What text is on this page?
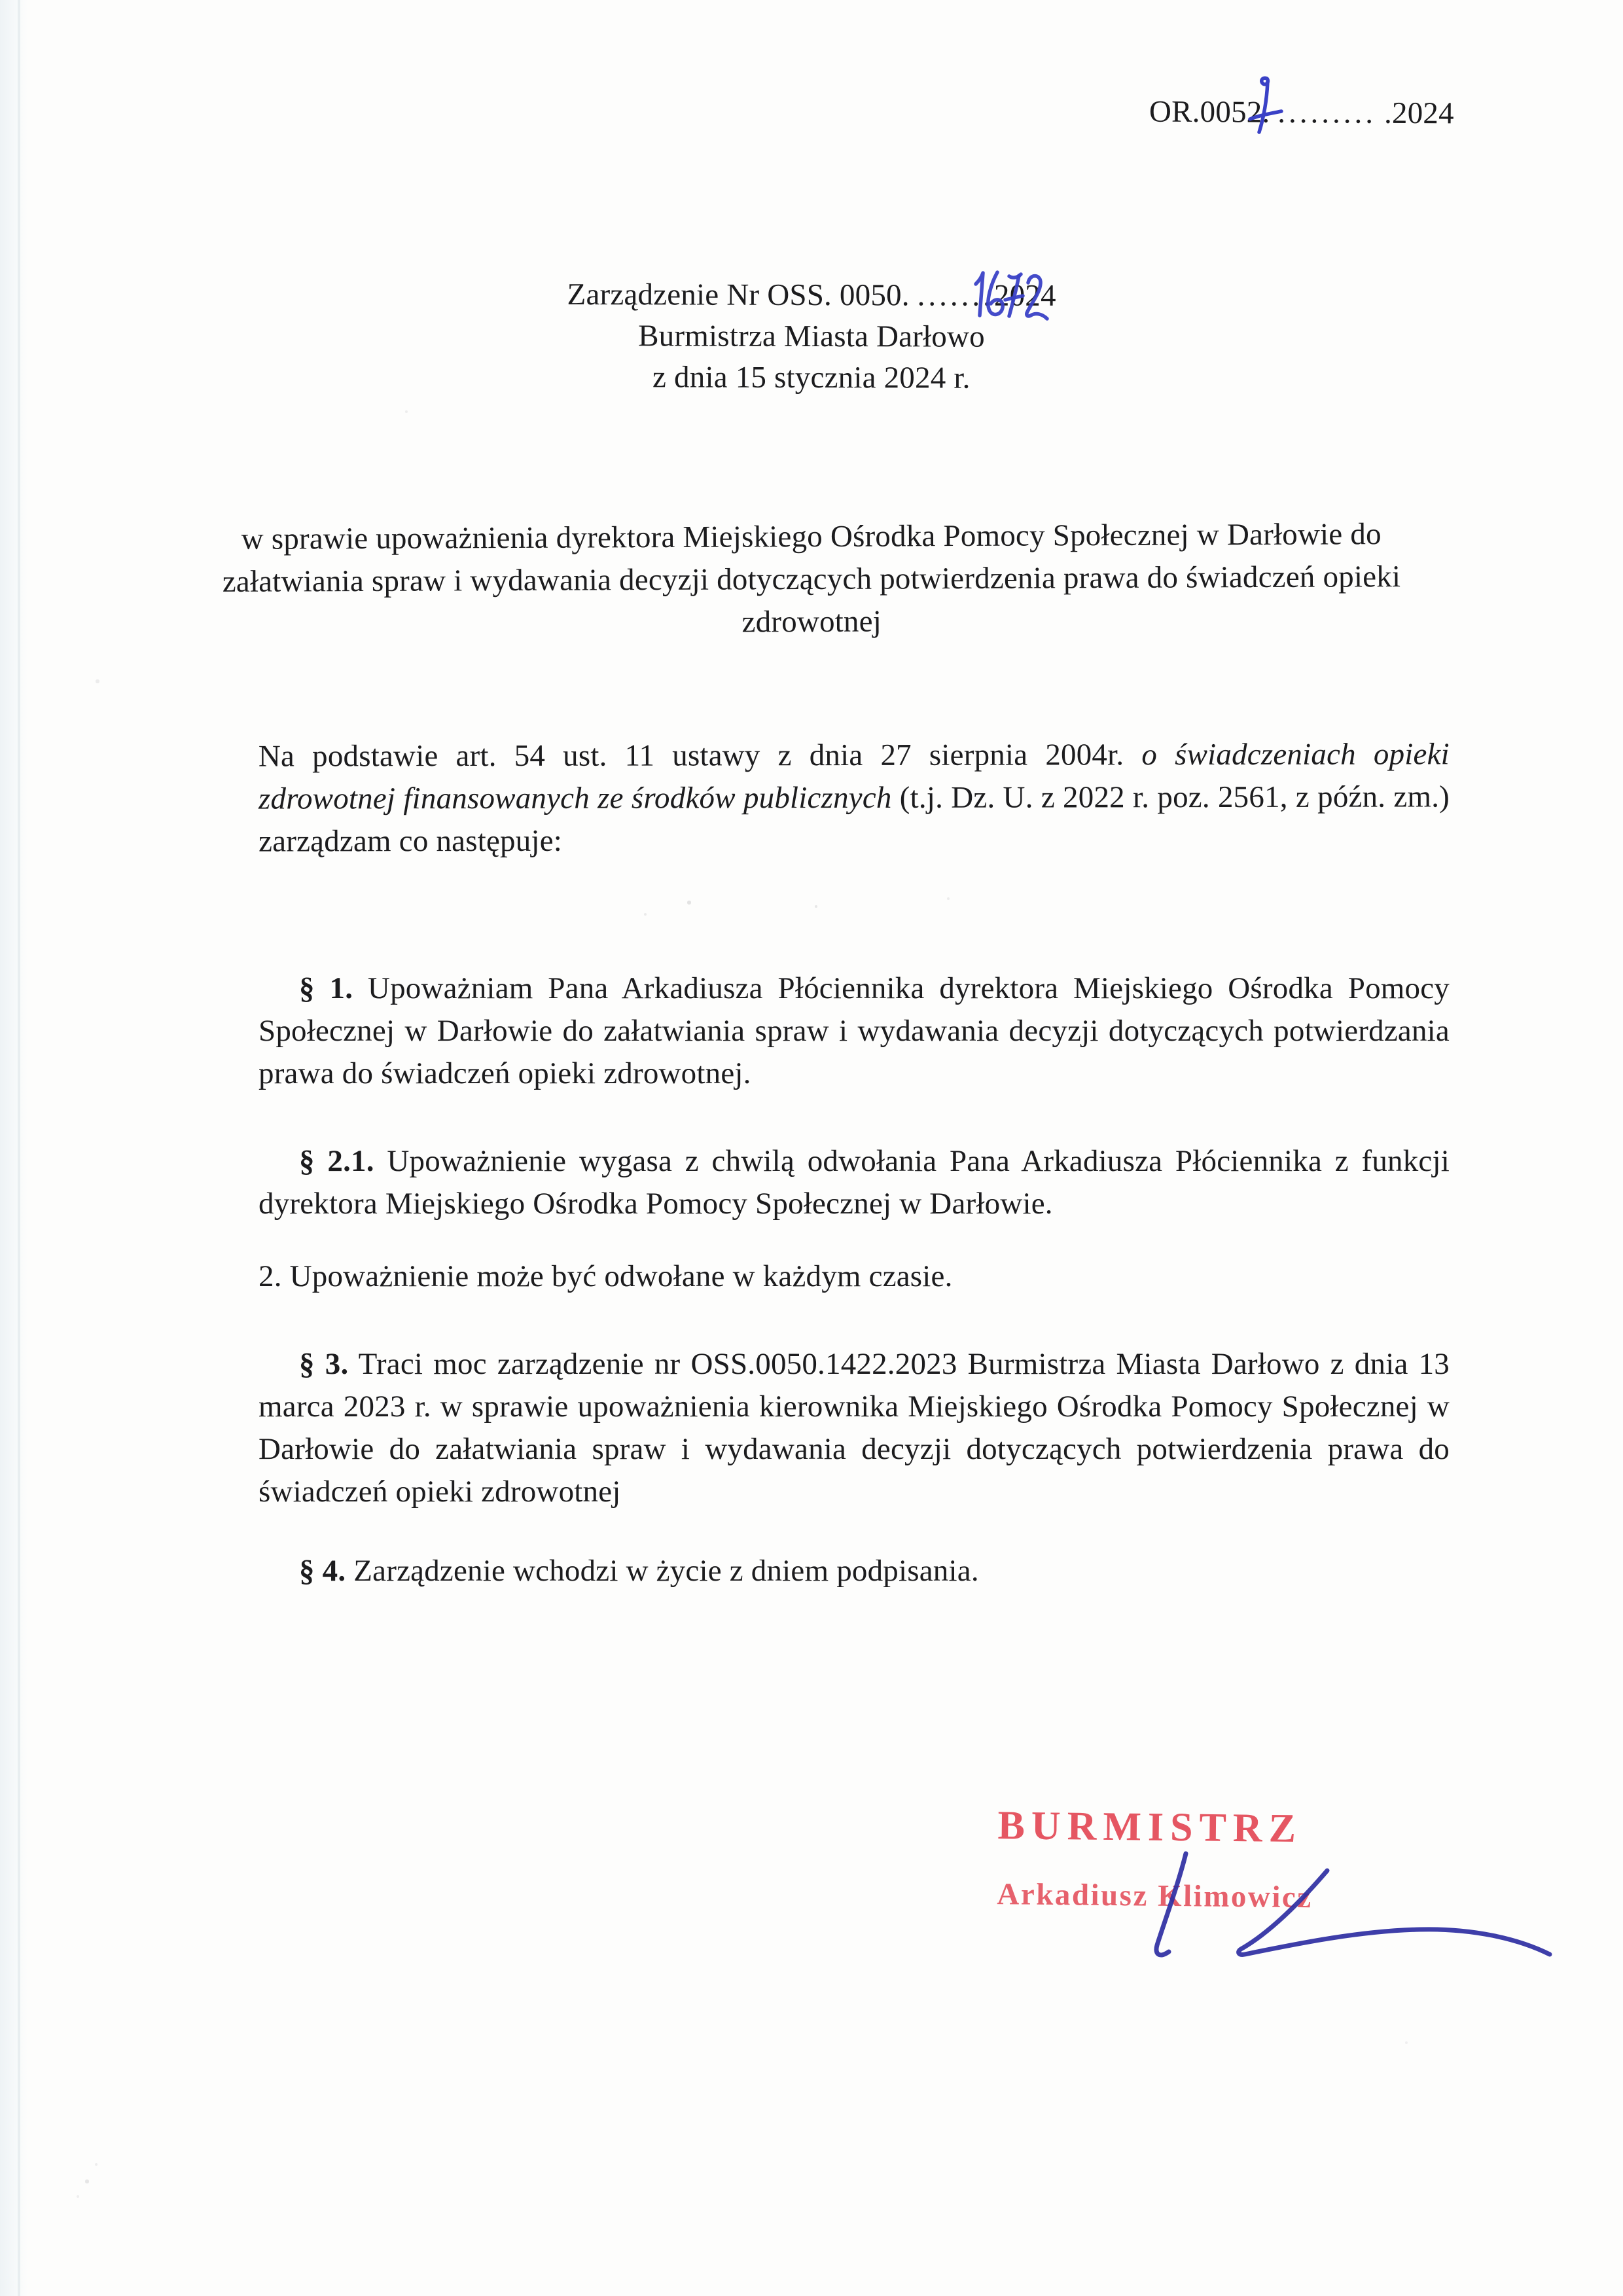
OR.0052. ......... .2024
Zarządzenie Nr OSS. 0050. .......2024
Burmistrza Miasta Darłowo
z dnia 15 stycznia 2024 r.
w sprawie upoważnienia dyrektora Miejskiego Ośrodka Pomocy Społecznej w Darłowie do załatwiania spraw i wydawania decyzji dotyczących potwierdzenia prawa do świadczeń opieki zdrowotnej
Na podstawie art. 54 ust. 11 ustawy z dnia 27 sierpnia 2004r. o świadczeniach opieki zdrowotnej finansowanych ze środków publicznych (t.j. Dz. U. z 2022 r. poz. 2561, z późn. zm.) zarządzam co następuje:
§ 1. Upoważniam Pana Arkadiusza Płóciennika dyrektora Miejskiego Ośrodka Pomocy Społecznej w Darłowie do załatwiania spraw i wydawania decyzji dotyczących potwierdzania prawa do świadczeń opieki zdrowotnej.
§ 2.1. Upoważnienie wygasa z chwilą odwołania Pana Arkadiusza Płóciennika z funkcji dyrektora Miejskiego Ośrodka Pomocy Społecznej w Darłowie.
2. Upoważnienie może być odwołane w każdym czasie.
§ 3. Traci moc zarządzenie nr OSS.0050.1422.2023 Burmistrza Miasta Darłowo z dnia 13 marca 2023 r. w sprawie upoważnienia kierownika Miejskiego Ośrodka Pomocy Społecznej w Darłowie do załatwiania spraw i wydawania decyzji dotyczących potwierdzenia prawa do świadczeń opieki zdrowotnej
§ 4. Zarządzenie wchodzi w życie z dniem podpisania.
BURMISTRZ
Arkadiusz Klimowicz
